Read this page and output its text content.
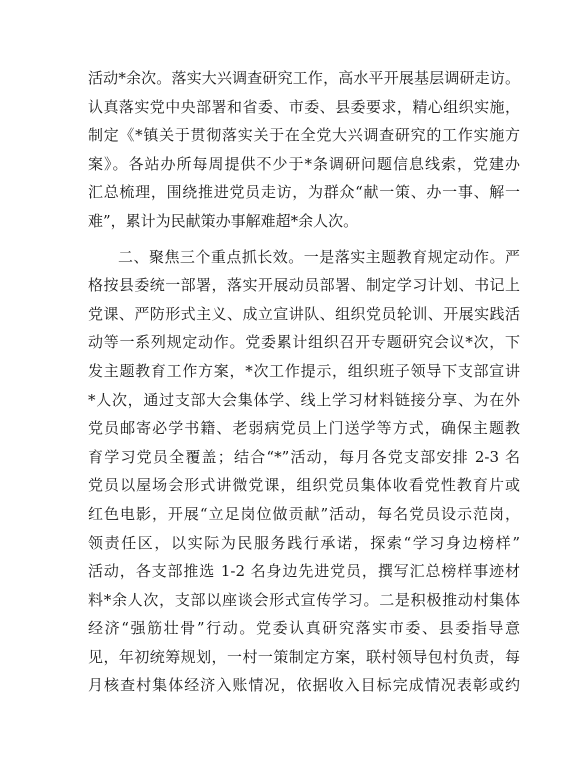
活动*余次。落实大兴调查研究工作，高水平开展基层调研走访。
认真落实党中央部署和省委、市委、县委要求，精心组织实施，
制定《*镇关于贯彻落实关于在全党大兴调查研究的工作实施方
案》。各站办所每周提供不少于*条调研问题信息线索，党建办
汇总梳理，围绕推进党员走访，为群众“献一策、办一事、解一
难”，累计为民献策办事解难超*余人次。
二、聚焦三个重点抓长效。一是落实主题教育规定动作。严
格按县委统一部署，落实开展动员部署、制定学习计划、书记上
党课、严防形式主义、成立宣讲队、组织党员轮训、开展实践活
动等一系列规定动作。党委累计组织召开专题研究会议*次，下
发主题教育工作方案，*次工作提示，组织班子领导下支部宣讲
*人次，通过支部大会集体学、线上学习材料链接分享、为在外
党员邮寄必学书籍、老弱病党员上门送学等方式，确保主题教
育学习党员全覆盖；结合“*”活动，每月各党支部安排 2-3 名
党员以屋场会形式讲微党课，组织党员集体收看党性教育片或
红色电影，开展“立足岗位做贡献”活动，每名党员设示范岗，
领责任区，以实际为民服务践行承诺，探索“学习身边榜样”
活动，各支部推选 1-2 名身边先进党员，撰写汇总榜样事迹材
料*余人次，支部以座谈会形式宣传学习。二是积极推动村集体
经济“强筋壮骨”行动。党委认真研究落实市委、县委指导意
见，年初统筹规划，一村一策制定方案，联村领导包村负责，每
月核查村集体经济入账情况，依据收入目标完成情况表彰或约
